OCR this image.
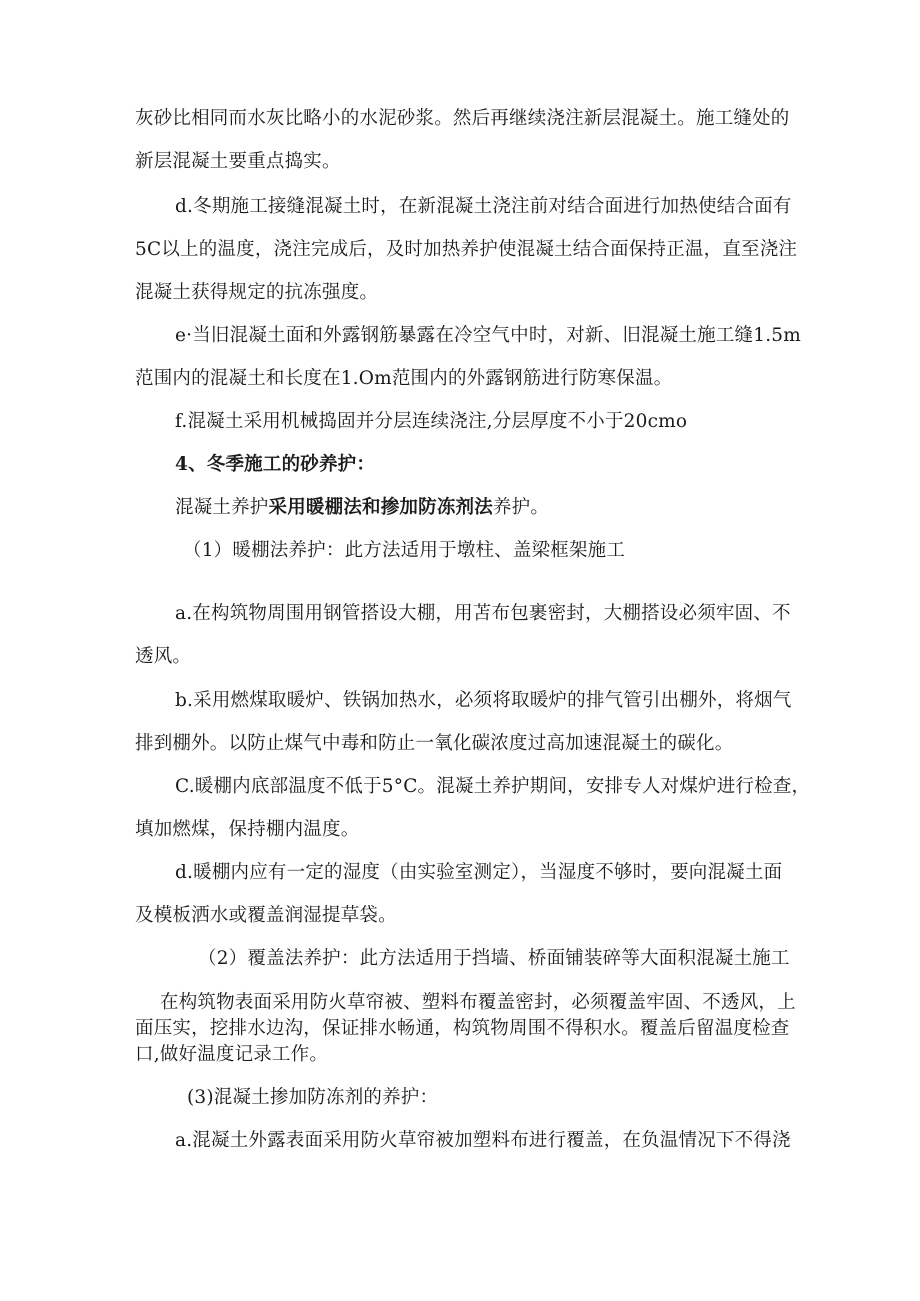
灰砂比相同而水灰比略小的水泥砂浆。然后再继续浇注新层混凝土。施工缝处的
新层混凝土要重点捣实。
d.冬期施工接缝混凝土时，在新混凝土浇注前对结合面进行加热使结合面有
5C以上的温度，浇注完成后，及时加热养护使混凝土结合面保持正温，直至浇注
混凝土获得规定的抗冻强度。
e·当旧混凝土面和外露钢筋暴露在冷空气中时，对新、旧混凝土施工缝1.5m
范围内的混凝土和长度在1.Om范围内的外露钢筋进行防寒保温。
f.混凝土采用机械捣固并分层连续浇注,分层厚度不小于20cmo
4、冬季施工的砂养护：
混凝土养护采用暖棚法和掺加防冻剂法养护。
（1）暖棚法养护：此方法适用于墩柱、盖梁框架施工
a.在构筑物周围用钢管搭设大棚，用苫布包裹密封，大棚搭设必须牢固、不
透风。
b.采用燃煤取暖炉、铁锅加热水，必须将取暖炉的排气管引出棚外，将烟气
排到棚外。以防止煤气中毒和防止一氧化碳浓度过高加速混凝土的碳化。
C.暖棚内底部温度不低于5°C。混凝土养护期间，安排专人对煤炉进行检查，
填加燃煤，保持棚内温度。
d.暖棚内应有一定的湿度（由实验室测定），当湿度不够时，要向混凝土面
及模板洒水或覆盖润湿提草袋。
（2）覆盖法养护：此方法适用于挡墙、桥面铺装碎等大面积混凝土施工
在构筑物表面采用防火草帘被、塑料布覆盖密封，必须覆盖牢固、不透风，上
面压实，挖排水边沟，保证排水畅通，构筑物周围不得积水。覆盖后留温度检查
口,做好温度记录工作。
(3)混凝土掺加防冻剂的养护：
a.混凝土外露表面采用防火草帘被加塑料布进行覆盖，在负温情况下不得浇
